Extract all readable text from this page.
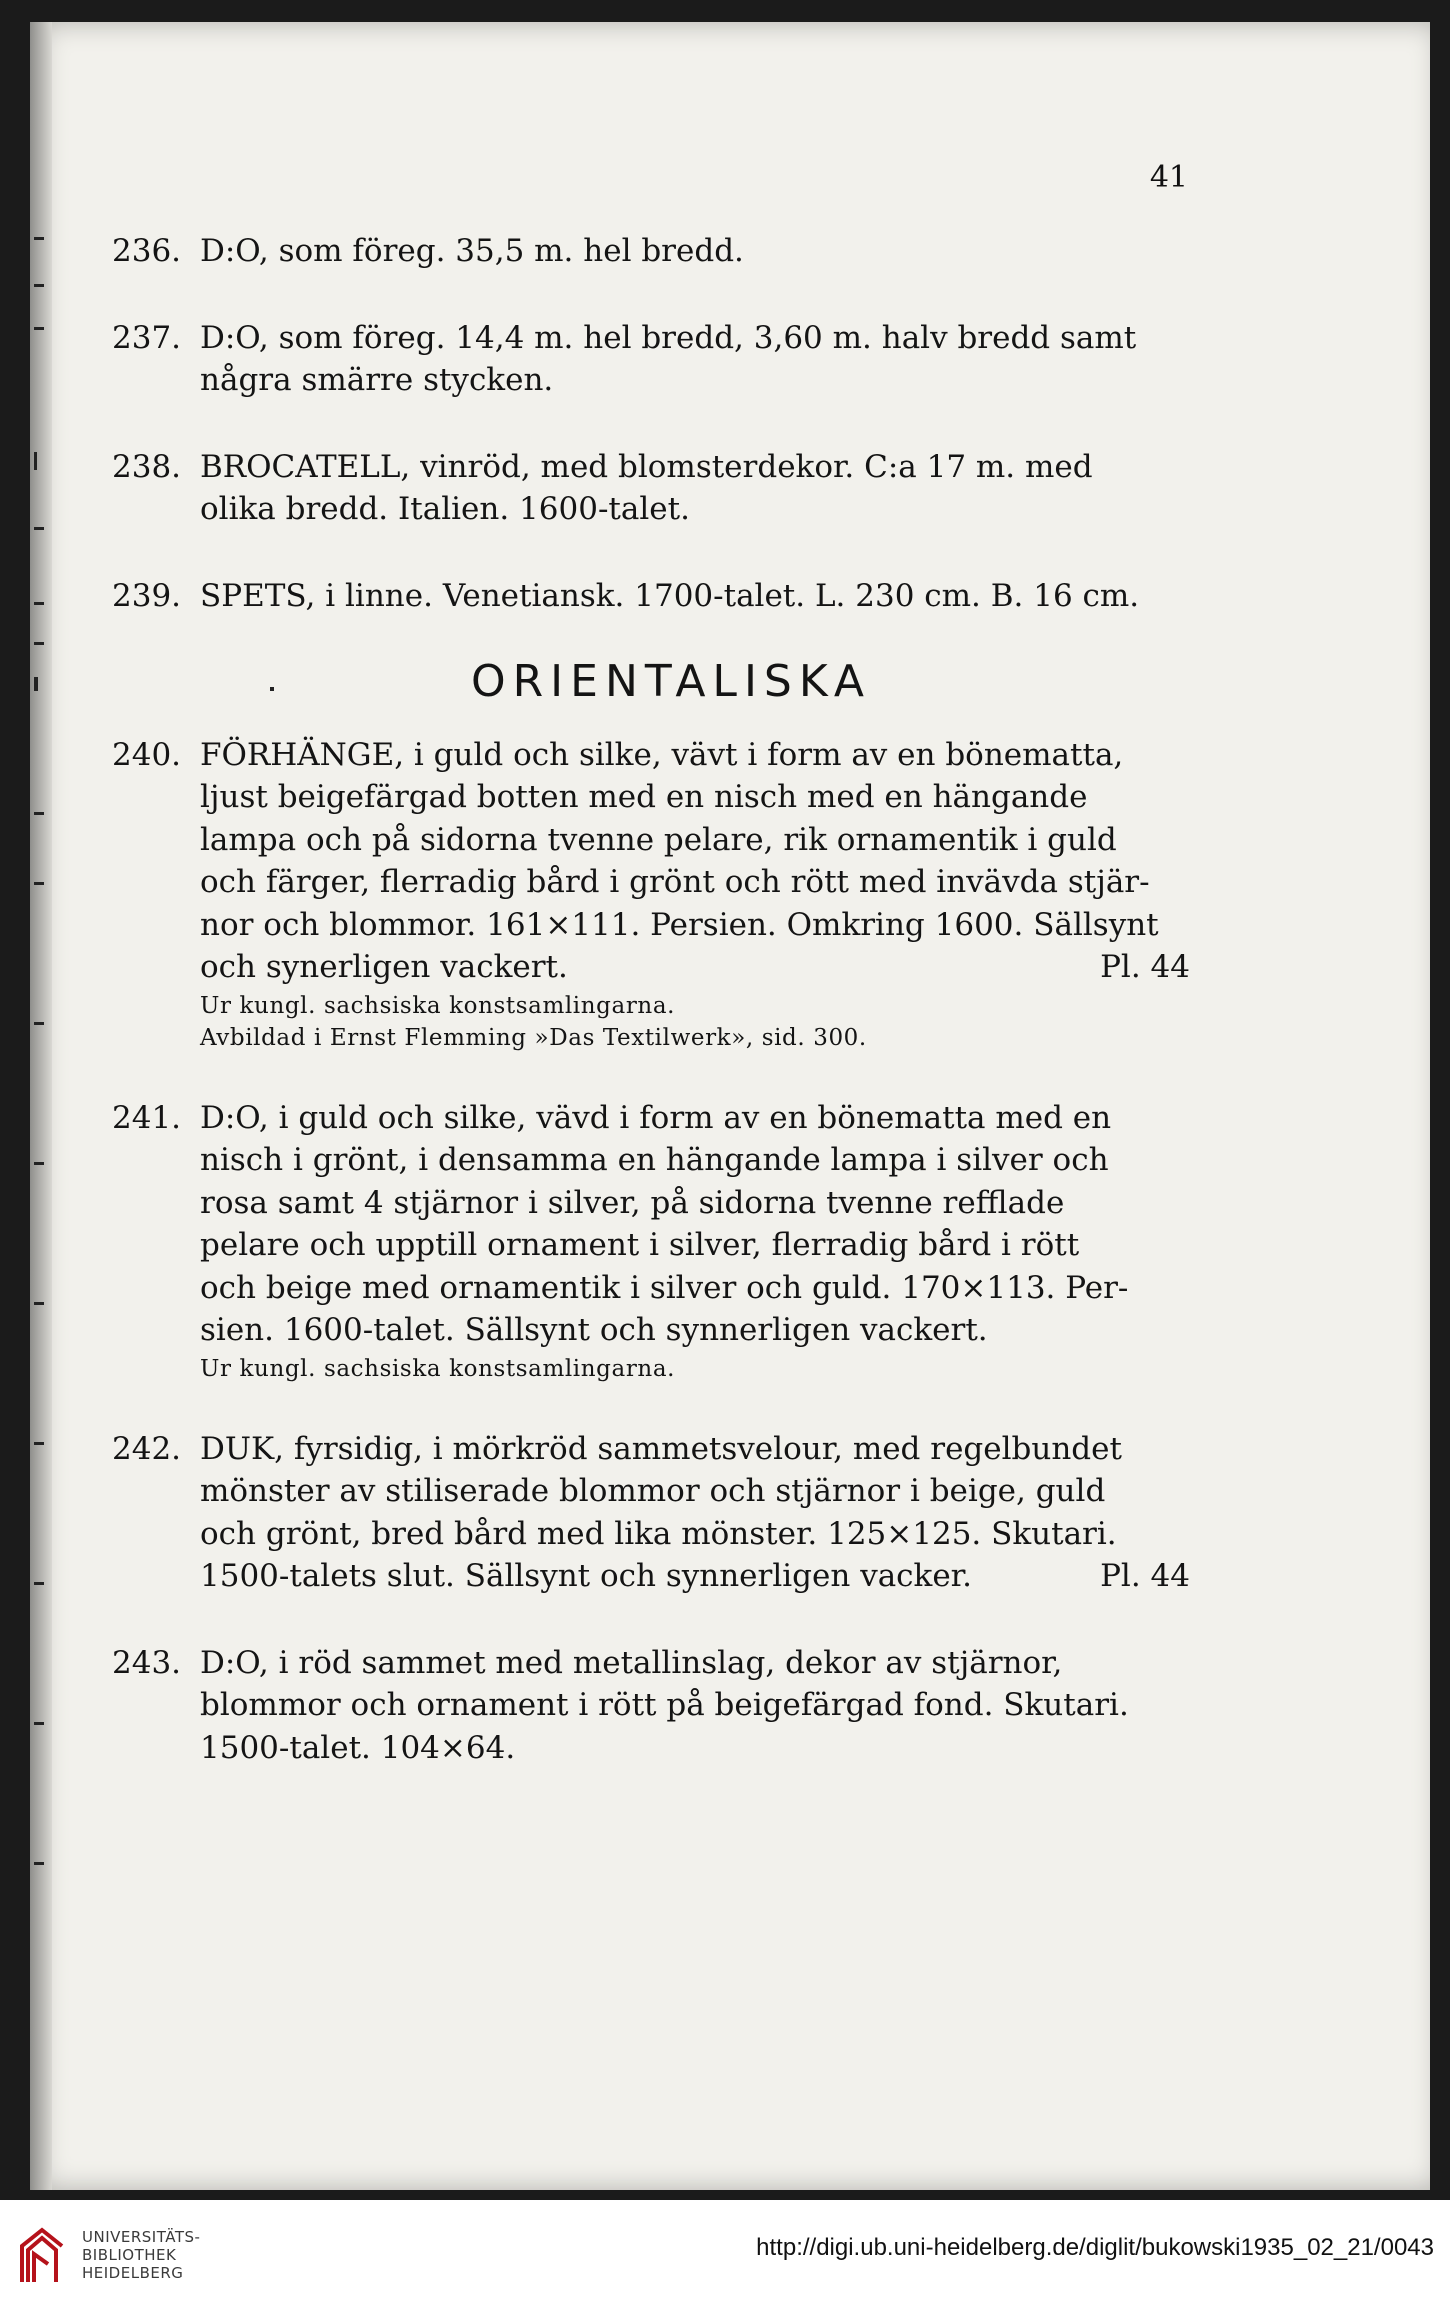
41
236. D:O, som föreg. 35,5 m. hel bredd.

237. D:O, som föreg. 14,4 m. hel bredd, 3,60 m. halv bredd samt

några smärre stycken.

238. BROCATELL, vinröd, med blomsterdekor. C:a 17 m. med

olika bredd. Italien. 1600-talet.

239. SPETS, i linne. Venetiansk. 1700-talet. L. 230 cm. B. 16 cm.

ORIENTALISKA
240. FÖRHÄNGE, i guld och silke, vävt i form av en bönematta,

ljust beigefärgad botten med en nisch med en hängande

lampa och på sidorna tvenne pelare, rik ornamentik i guld

och färger, flerradig bård i grönt och rött med invävda stjär-

nor och blommor. 161×111. Persien. Omkring 1600. Sällsynt

och synerligen vackert.	Pl. 44

Ur kungl. sachsiska konstsamlingarna.
Avbildad i Ernst Flemming »Das Textilwerk», sid. 300.
241. D:O, i guld och silke, vävd i form av en bönematta med en

nisch i grönt, i densamma en hängande lampa i silver och

rosa samt 4 stjärnor i silver, på sidorna tvenne refflade

pelare och upptill ornament i silver, flerradig bård i rött

och beige med ornamentik i silver och guld. 170×113. Per-

sien. 1600-talet. Sällsynt och synnerligen vackert.

Ur kungl. sachsiska konstsamlingarna.
242. DUK, fyrsidig, i mörkröd sammetsvelour, med regelbundet

mönster av stiliserade blommor och stjärnor i beige, guld

och grönt, bred bård med lika mönster. 125×125. Skutari.

1500-talets slut. Sällsynt och synnerligen vacker.	Pl. 44

243. D:O, i röd sammet med metallinslag, dekor av stjärnor,

blommor och ornament i rött på beigefärgad fond. Skutari.

1500-talet. 104×64.

UNIVERSITÄTS-
BIBLIOTHEK
HEIDELBERG
http://digi.ub.uni-heidelberg.de/diglit/bukowski1935_02_21/0043
